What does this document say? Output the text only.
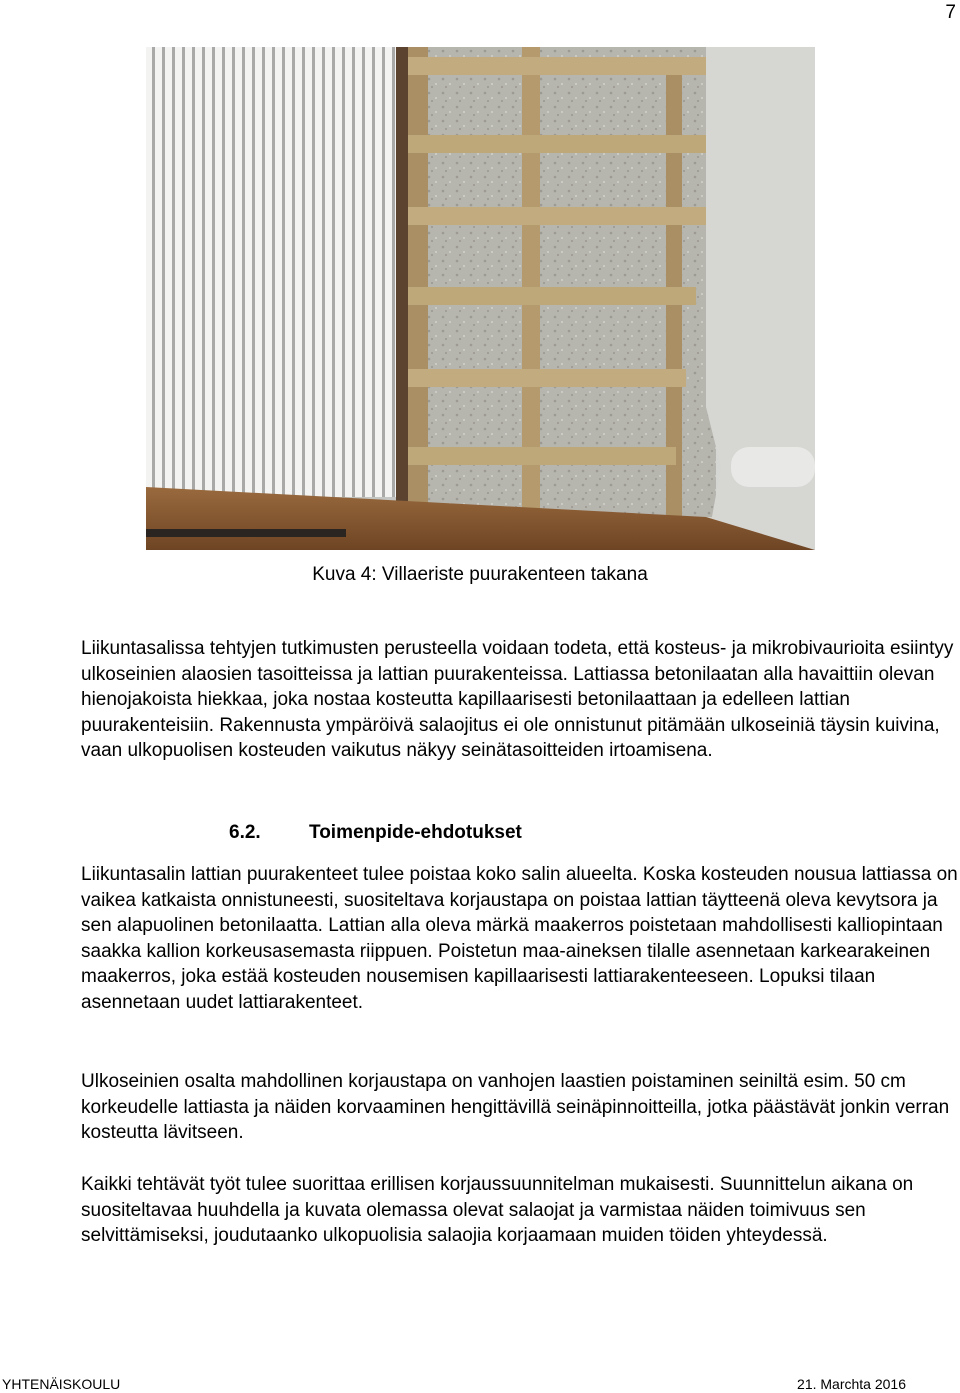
7
Kuva 4: Villaeriste puurakenteen takana

Liikuntasalissa tehtyjen tutkimusten perusteella voidaan todeta, että kosteus- ja mikrobivaurioita esiintyy ulkoseinien alaosien tasoitteissa ja lattian puurakenteissa. Lattiassa betonilaatan alla havaittiin olevan hienojakoista hiekkaa, joka nostaa kosteutta kapillaarisesti betonilaattaan ja edelleen lattian puurakenteisiin. Rakennusta ympäröivä salaojitus ei ole onnistunut pitämään ulkoseiniä täysin kuivina, vaan ulkopuolisen kosteuden vaikutus näkyy seinätasoitteiden irtoamisena.

6.2.	Toimenpide-ehdotukset

Liikuntasalin lattian puurakenteet tulee poistaa koko salin alueelta. Koska kosteuden nousua lattiassa on vaikea katkaista onnistuneesti, suositeltava korjaustapa on poistaa lattian täytteenä oleva kevytsora ja sen alapuolinen betonilaatta. Lattian alla oleva märkä maakerros poistetaan mahdollisesti kalliopintaan saakka kallion korkeusasemasta riippuen. Poistetun maa-aineksen tilalle asennetaan karkearakeinen maakerros, joka estää kosteuden nousemisen kapillaarisesti lattiarakenteeseen. Lopuksi tilaan asennetaan uudet lattiarakenteet.

Ulkoseinien osalta mahdollinen korjaustapa on vanhojen laastien poistaminen seiniltä esim. 50 cm korkeudelle lattiasta ja näiden korvaaminen hengittävillä seinäpinnoitteilla, jotka päästävät jonkin verran kosteutta lävitseen.

Kaikki tehtävät työt tulee suorittaa erillisen korjaussuunnitelman mukaisesti. Suunnittelun aikana on suositeltavaa huuhdella ja kuvata olemassa olevat salaojat ja varmistaa näiden toimivuus sen selvittämiseksi, joudutaanko ulkopuolisia salaojia korjaamaan muiden töiden yhteydessä.

YHTENÄISKOULU	21. Marchta 2016
